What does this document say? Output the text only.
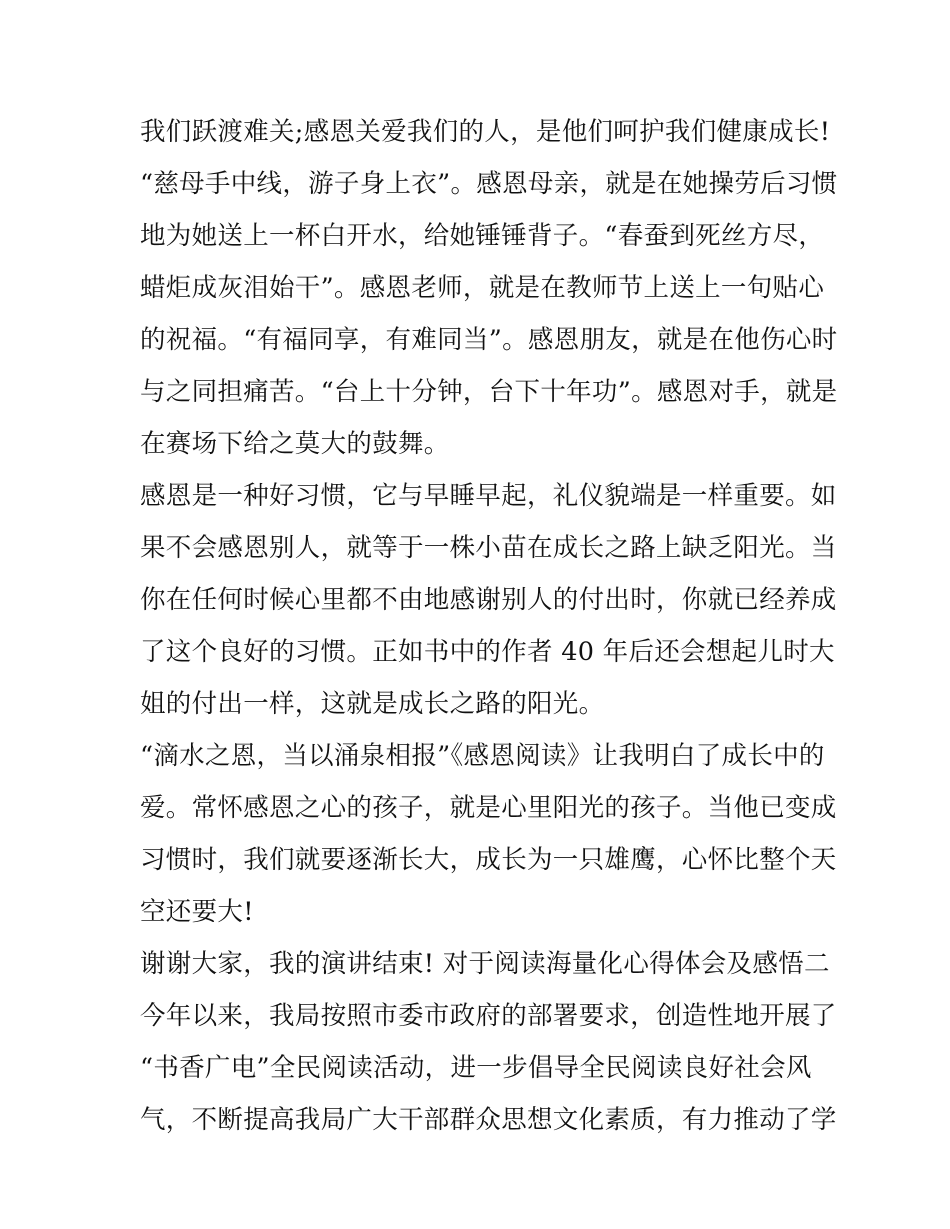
我们跃渡难关;感恩关爱我们的人，是他们呵护我们健康成长!
“慈母手中线，游子身上衣”。感恩母亲，就是在她操劳后习惯
地为她送上一杯白开水，给她锤锤背子。“春蚕到死丝方尽，
蜡炬成灰泪始干”。感恩老师，就是在教师节上送上一句贴心
的祝福。“有福同享，有难同当”。感恩朋友，就是在他伤心时
与之同担痛苦。“台上十分钟，台下十年功”。感恩对手，就是
在赛场下给之莫大的鼓舞。
感恩是一种好习惯，它与早睡早起，礼仪貌端是一样重要。如
果不会感恩别人，就等于一株小苗在成长之路上缺乏阳光。当
你在任何时候心里都不由地感谢别人的付出时，你就已经养成
了这个良好的习惯。正如书中的作者 40 年后还会想起儿时大
姐的付出一样，这就是成长之路的阳光。
“滴水之恩，当以涌泉相报”《感恩阅读》让我明白了成长中的
爱。常怀感恩之心的孩子，就是心里阳光的孩子。当他已变成
习惯时，我们就要逐渐长大，成长为一只雄鹰，心怀比整个天
空还要大!
谢谢大家，我的演讲结束! 对于阅读海量化心得体会及感悟二
今年以来，我局按照市委市政府的部署要求，创造性地开展了
“书香广电”全民阅读活动，进一步倡导全民阅读良好社会风
气，不断提高我局广大干部群众思想文化素质，有力推动了学
